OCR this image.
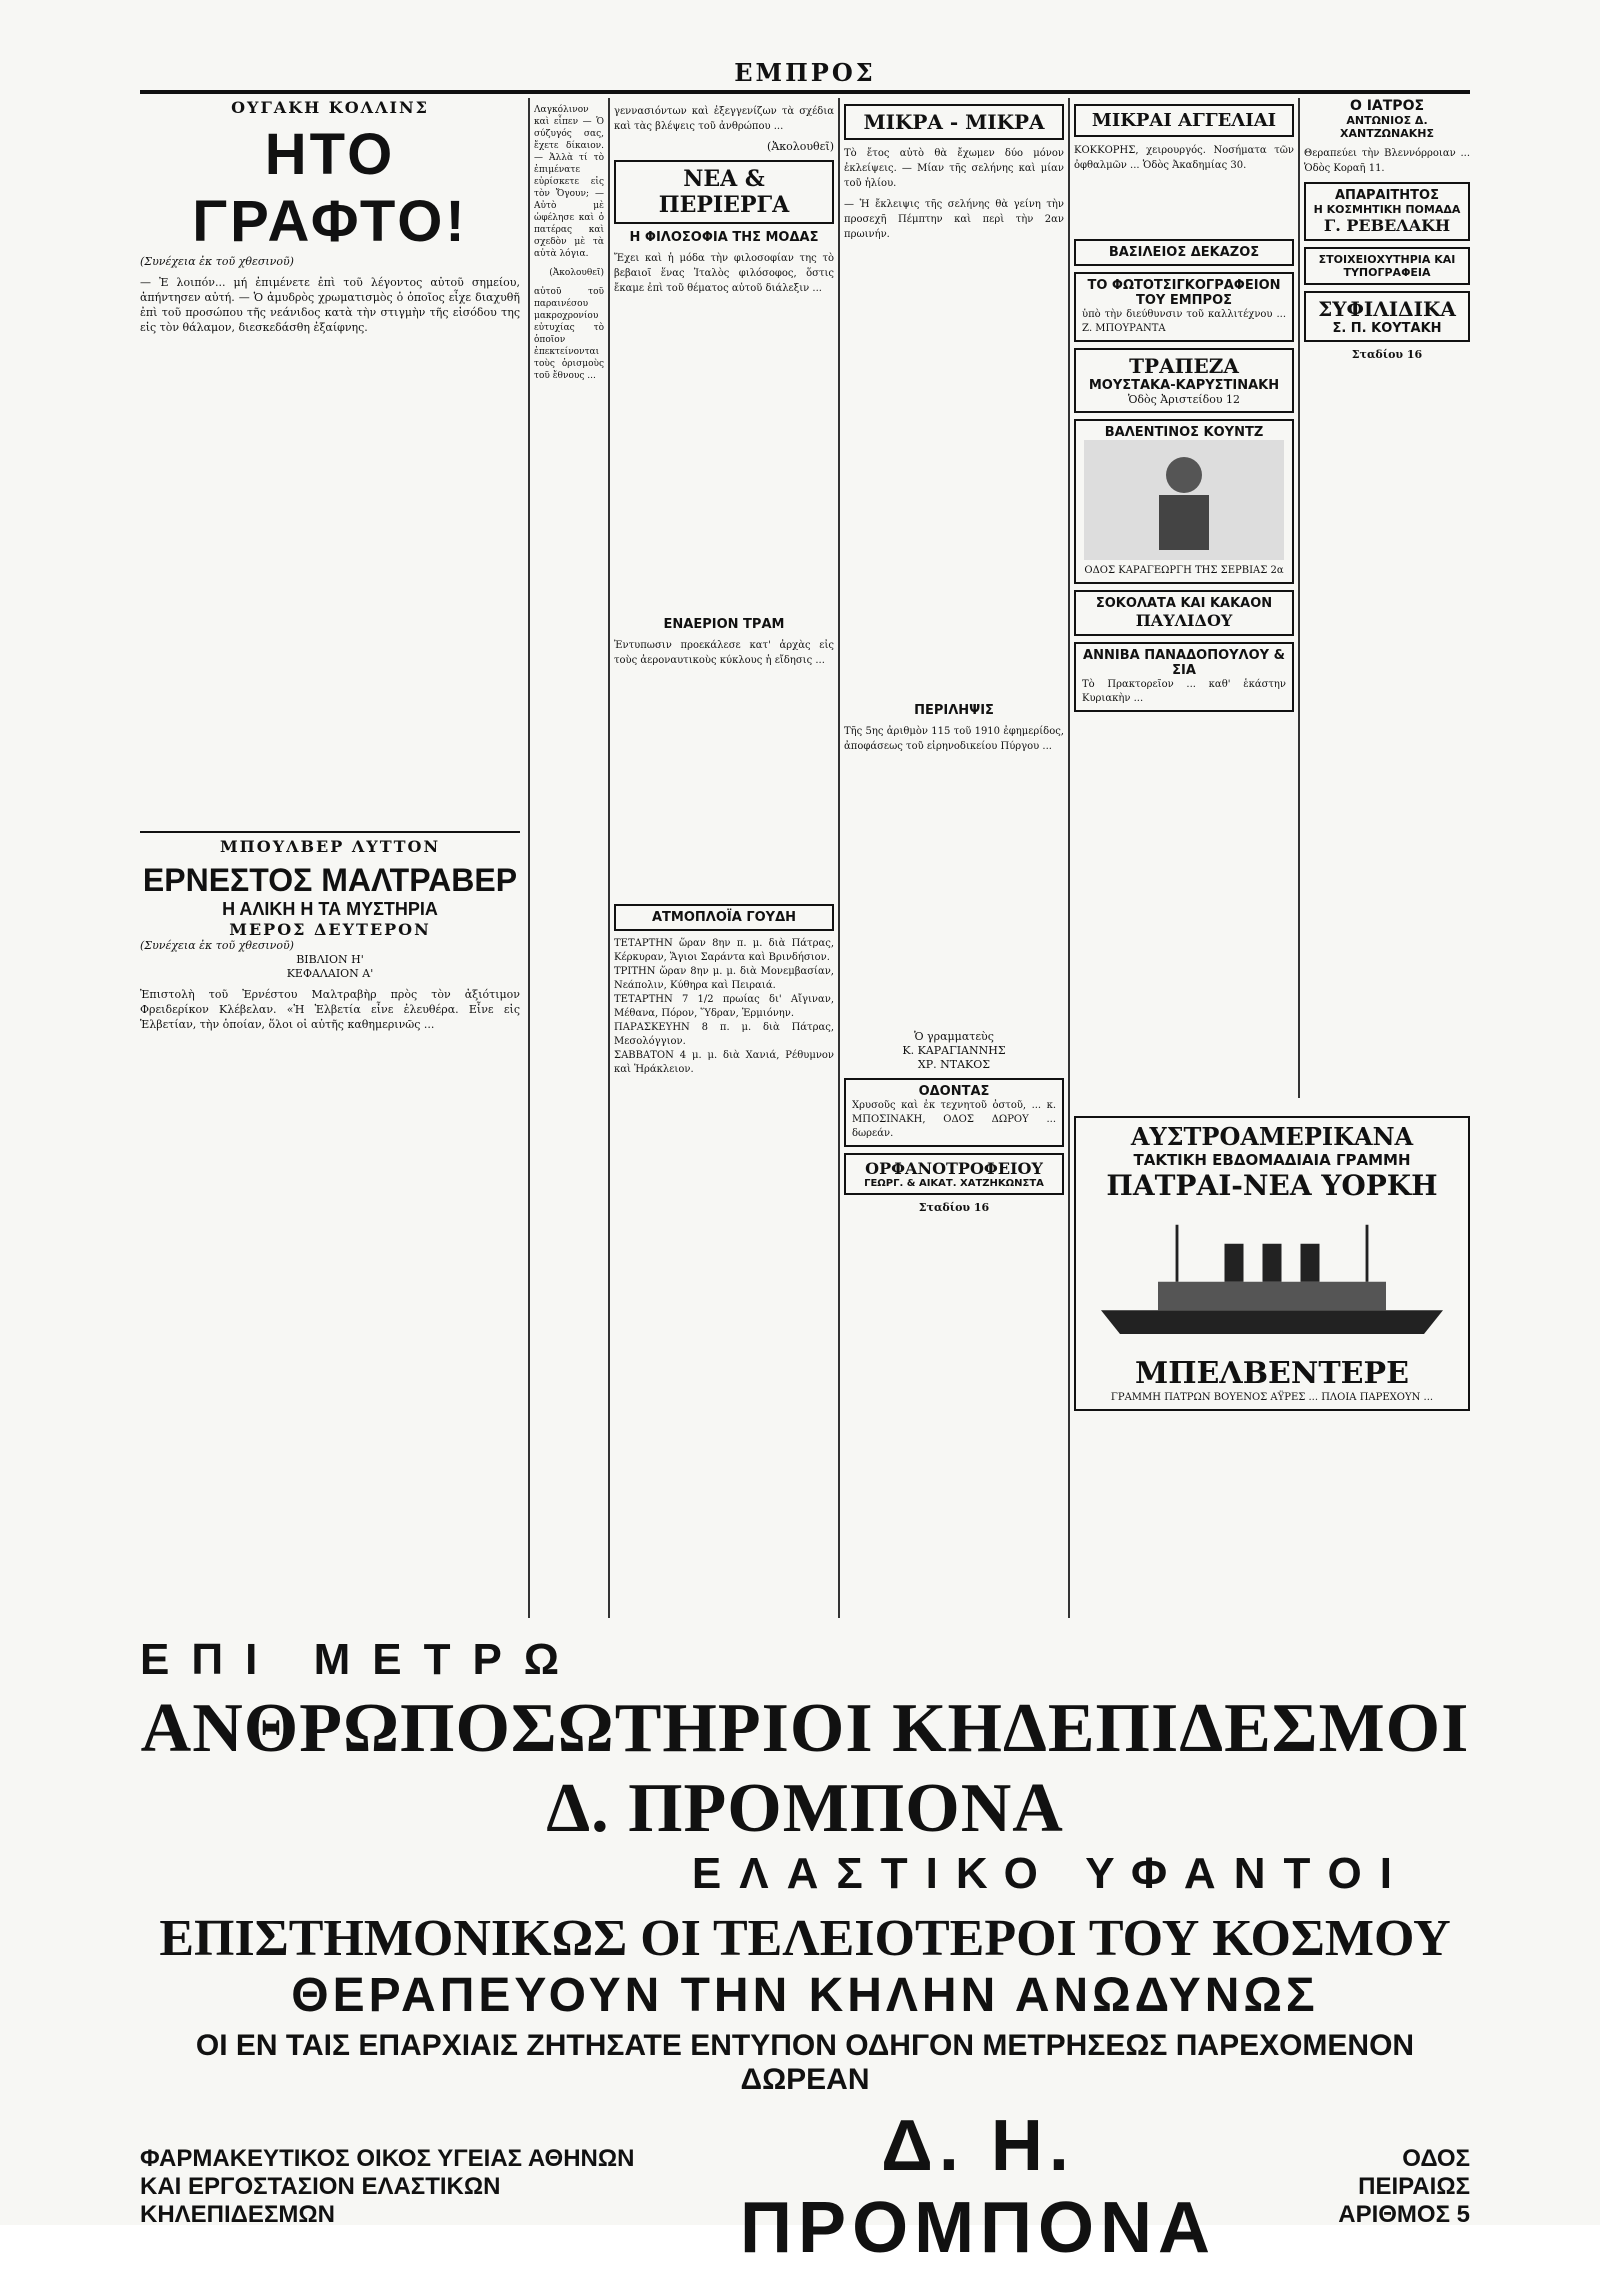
ΕΜΠΡΟΣ
ΟΥΓΑΚΗ ΚΟΛΛΙΝΣ
ΗΤΟ ΓΡΑΦΤΟ!
(Συνέχεια ἐκ τοῦ χθεσινοῦ)
— Ἐ λοιπόν... μή ἐπιμένετε ἐπὶ τοῦ λέγοντος αὐτοῦ σημείου, ἀπήντησεν αὐτή. — Ὁ ἀμυδρὸς χρωματισμὸς ὁ ὁποῖος εἶχε διαχυθῆ ἐπὶ τοῦ προσώπου τῆς νεάνιδος κατὰ τὴν στιγμὴν τῆς εἰσόδου της εἰς τὸν θάλαμον, διεσκεδάσθη ἐξαίφνης.
ΜΠΟΥΛΒΕΡ ΛΥΤΤΟΝ
ΕΡΝΕΣΤΟΣ ΜΑΛΤΡΑΒΕΡ
Η ΑΛΙΚΗ Η ΤΑ ΜΥΣΤΗΡΙΑ
ΜΕΡΟΣ ΔΕΥΤΕΡΟΝ
(Συνέχεια ἐκ τοῦ χθεσινοῦ)
ΒΙΒΛΙΟΝ Η'
ΚΕΦΑΛΑΙΟΝ Α'
Ἐπιστολὴ τοῦ Ἐρνέστου Μαλτραβὴρ πρὸς τὸν ἀξιότιμον Φρειδερίκον Κλέβελαν. «Ἡ Ἑλβετία εἶνε ἐλευθέρα. Εἶνε εἰς Ἑλβετίαν, τὴν ὁποίαν, ὅλοι οἱ αὐτῆς καθημερινῶς ...
Λαγκόλινον καὶ εἶπεν — Ὁ σύζυγός σας, ἔχετε δίκαιον. — Ἀλλὰ τί τὸ ἐπιμένατε εὐρίσκετε εἰς τὸν Ὄγουν; — Αὐτὸ μὲ ὠφέλησε καὶ ὁ πατέρας καὶ σχεδὸν μὲ τὰ αὐτὰ λόγια.
(Ἀκολουθεῖ)
αὐτοῦ τοῦ παραινέσου μακροχρονίου εὐτυχίας τὸ ὁποῖον ἐπεκτείνονται τοὺς ὀρισμοὺς τοῦ ἔθνους ...
γεννασιόντων καὶ ἐξεγγενίζων τὰ σχέδια καὶ τὰς βλέψεις τοῦ ἀνθρώπου ...
(Ἀκολουθεῖ)
ΝΕΑ & ΠΕΡΙΕΡΓΑ
Η ΦΙΛΟΣΟΦΙΑ ΤΗΣ ΜΟΔΑΣ
Ἔχει καὶ ἡ μόδα τὴν φιλοσοφίαν της τὸ βεβαιοῖ ἕνας Ἰταλὸς φιλόσοφος, ὅστις ἔκαμε ἐπὶ τοῦ θέματος αὐτοῦ διάλεξιν ...
ΕΝΑΕΡΙΟΝ ΤΡΑΜ
Ἐντυπωσιν προεκάλεσε κατ' ἀρχὰς εἰς τοὺς ἀεροναυτικοὺς κύκλους ἡ εἴδησις ...
ΑΤΜΟΠΛΟΪΑ ΓΟΥΔΗ
ΤΕΤΑΡΤΗΝ ὥραν 8ην π. μ. διὰ Πάτρας, Κέρκυραν, Ἅγιοι Σαράντα καὶ Βρινδήσιον.
ΤΡΙΤΗΝ ὥραν 8ην μ. μ. διὰ Μονεμβασίαν, Νεάπολιν, Κύθηρα καὶ Πειραιά.
ΤΕΤΑΡΤΗΝ 7 1/2 πρωίας δι' Αἴγιναν, Μέθανα, Πόρον, Ὕδραν, Ἑρμιόνην.
ΠΑΡΑΣΚΕΥΗΝ 8 π. μ. διὰ Πάτρας, Μεσολόγγιον.
ΣΑΒΒΑΤΟΝ 4 μ. μ. διὰ Χανιά, Ρέθυμνον καὶ Ἡράκλειον.
ΜΙΚΡΑ - ΜΙΚΡΑ
Τὸ ἔτος αὐτὸ θὰ ἔχωμεν δύο μόνον ἐκλείψεις. — Μίαν τῆς σελήνης καὶ μίαν τοῦ ἡλίου.
— Ἡ ἔκλειψις τῆς σελήνης θὰ γείνη τὴν προσεχῆ Πέμπτην καὶ περὶ τὴν 2αν πρωινήν.
ΠΕΡΙΛΗΨΙΣ
Τῆς 5ης ἀριθμὸν 115 τοῦ 1910 ἐφημερίδος, ἀποφάσεως τοῦ εἰρηνοδικείου Πύργου ...
Ὁ γραμματεὺς
Κ. ΚΑΡΑΓΙΑΝΝΗΣ
ΧΡ. ΝΤΑΚΟΣ
ΟΔΟΝΤΑΣ
Χρυσοῦς καὶ ἐκ τεχνητοῦ ὀστοῦ, ... κ. ΜΠΟΣΙΝΑΚΗ, ΟΔΟΣ ΔΩΡΟΥ ... δωρεάν.
ΟΡΦΑΝΟΤΡΟΦΕΙΟΥ
ΓΕΩΡΓ. & ΑΙΚΑΤ. ΧΑΤΖΗΚΩΝΣΤΑ
Σταδίου 16
ΜΙΚΡΑΙ ΑΓΓΕΛΙΑΙ
ΚΟΚΚΟΡΗΣ, χειρουργός. Νοσήματα τῶν ὀφθαλμῶν ... Ὁδὸς Ἀκαδημίας 30.
ΒΑΣΙΛΕΙΟΣ ΔΕΚΑΖΟΣ
ΤΟ ΦΩΤΟΤΣΙΓΚΟΓΡΑΦΕΙΟΝ ΤΟΥ ΕΜΠΡΟΣ
ὑπὸ τὴν διεύθυνσιν τοῦ καλλιτέχνου ... Ζ. ΜΠΟΥΡΑΝΤΑ
ΤΡΑΠΕΖΑ
ΜΟΥΣΤΑΚΑ-ΚΑΡΥΣΤΙΝΑΚΗ
Ὁδὸς Ἀριστείδου 12
ΒΑΛΕΝΤΙΝΟΣ ΚΟΥΝΤΖ
ΟΔΟΣ ΚΑΡΑΓΕΩΡΓΗ ΤΗΣ ΣΕΡΒΙΑΣ 2α
ΣΟΚΟΛΑΤΑ ΚΑΙ ΚΑΚΑΟΝ
ΠΑΥΛΙΔΟΥ
ΑΝΝΙΒΑ ΠΑΝΑΔΟΠΟΥΛΟΥ & ΣΙΑ
Τὸ Πρακτορεῖον ... καθ' ἑκάστην Κυριακὴν ...
Ο ΙΑΤΡΟΣ
ΑΝΤΩΝΙΟΣ Δ. ΧΑΝΤΖΩΝΑΚΗΣ
Θεραπεύει τὴν Βλεννόρροιαν ... Ὁδὸς Κοραῆ 11.
ΑΠΑΡΑΙΤΗΤΟΣ
Η ΚΟΣΜΗΤΙΚΗ ΠΟΜΑΔΑ
Γ. ΡΕΒΕΛΑΚΗ
ΣΤΟΙΧΕΙΟΧΥΤΗΡΙΑ ΚΑΙ ΤΥΠΟΓΡΑΦΕΙΑ
ΣΥΦΙΛΙΔΙΚΑ
Σ. Π. ΚΟΥΤΑΚΗ
Σταδίου 16
ΑΥΣΤΡΟΑΜΕΡΙΚΑΝΑ
ΤΑΚΤΙΚΗ ΕΒΔΟΜΑΔΙΑΙΑ ΓΡΑΜΜΗ
ΠΑΤΡΑΙ-ΝΕΑ ΥΟΡΚΗ
ΜΠΕΛΒΕΝΤΕΡΕ
ΓΡΑΜΜΗ ΠΑΤΡΩΝ ΒΟΥΕΝΟΣ ΑΫΡΕΣ ... ΠΛΟΙΑ ΠΑΡΕΧΟΥΝ ...
ΕΠΙ ΜΕΤΡΩ
ΑΝΘΡΩΠΟΣΩΤΗΡΙΟΙ ΚΗΔΕΠΙΔΕΣΜΟΙ Δ. ΠΡΟΜΠΟΝΑ
ΕΛΑΣΤΙΚΟ ΥΦΑΝΤΟΙ
ΕΠΙΣΤΗΜΟΝΙΚΩΣ ΟΙ ΤΕΛΕΙΟΤΕΡΟΙ ΤΟΥ ΚΟΣΜΟΥ
ΘΕΡΑΠΕΥΟΥΝ ΤΗΝ ΚΗΛΗΝ ΑΝΩΔΥΝΩΣ
ΟΙ ΕΝ ΤΑΙΣ ΕΠΑΡΧΙΑΙΣ ΖΗΤΗΣΑΤΕ ΕΝΤΥΠΟΝ ΟΔΗΓΟΝ ΜΕΤΡΗΣΕΩΣ ΠΑΡΕΧΟΜΕΝΟΝ ΔΩΡΕΑΝ
ΦΑΡΜΑΚΕΥΤΙΚΟΣ ΟΙΚΟΣ ΥΓΕΙΑΣ ΑΘΗΝΩΝ
ΚΑΙ ΕΡΓΟΣΤΑΣΙΟΝ ΕΛΑΣΤΙΚΩΝ ΚΗΛΕΠΙΔΕΣΜΩΝ
Δ. Η. ΠΡΟΜΠΟΝΑ
ΟΔΟΣ ΠΕΙΡΑΙΩΣ
ΑΡΙΘΜΟΣ 5
